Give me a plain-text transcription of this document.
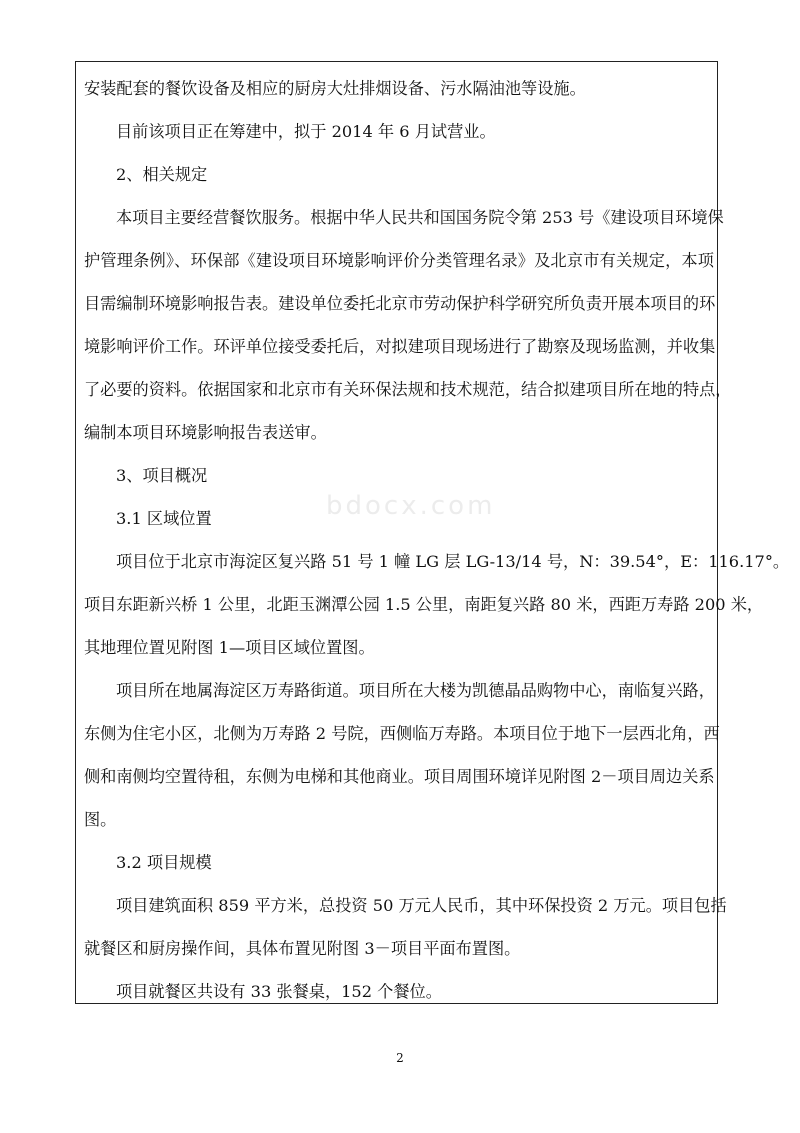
bdocx.com
安装配套的餐饮设备及相应的厨房大灶排烟设备、污水隔油池等设施。
目前该项目正在筹建中，拟于 2014 年 6 月试营业。
2、相关规定
本项目主要经营餐饮服务。根据中华人民共和国国务院令第 253 号《建设项目环境保
护管理条例》、环保部《建设项目环境影响评价分类管理名录》及北京市有关规定，本项
目需编制环境影响报告表。建设单位委托北京市劳动保护科学研究所负责开展本项目的环
境影响评价工作。环评单位接受委托后，对拟建项目现场进行了勘察及现场监测，并收集
了必要的资料。依据国家和北京市有关环保法规和技术规范，结合拟建项目所在地的特点，
编制本项目环境影响报告表送审。
3、项目概况
3.1 区域位置
项目位于北京市海淀区复兴路 51 号 1 幢 LG 层 LG-13/14 号，N：39.54°，E：116.17°。
项目东距新兴桥 1 公里，北距玉渊潭公园 1.5 公里，南距复兴路 80 米，西距万寿路 200 米，
其地理位置见附图 1—项目区域位置图。
项目所在地属海淀区万寿路街道。项目所在大楼为凯德晶品购物中心，南临复兴路，
东侧为住宅小区，北侧为万寿路 2 号院，西侧临万寿路。本项目位于地下一层西北角，西
侧和南侧均空置待租，东侧为电梯和其他商业。项目周围环境详见附图 2－项目周边关系
图。
3.2 项目规模
项目建筑面积 859 平方米，总投资 50 万元人民币，其中环保投资 2 万元。项目包括
就餐区和厨房操作间，具体布置见附图 3－项目平面布置图。
项目就餐区共设有 33 张餐桌，152 个餐位。
2
